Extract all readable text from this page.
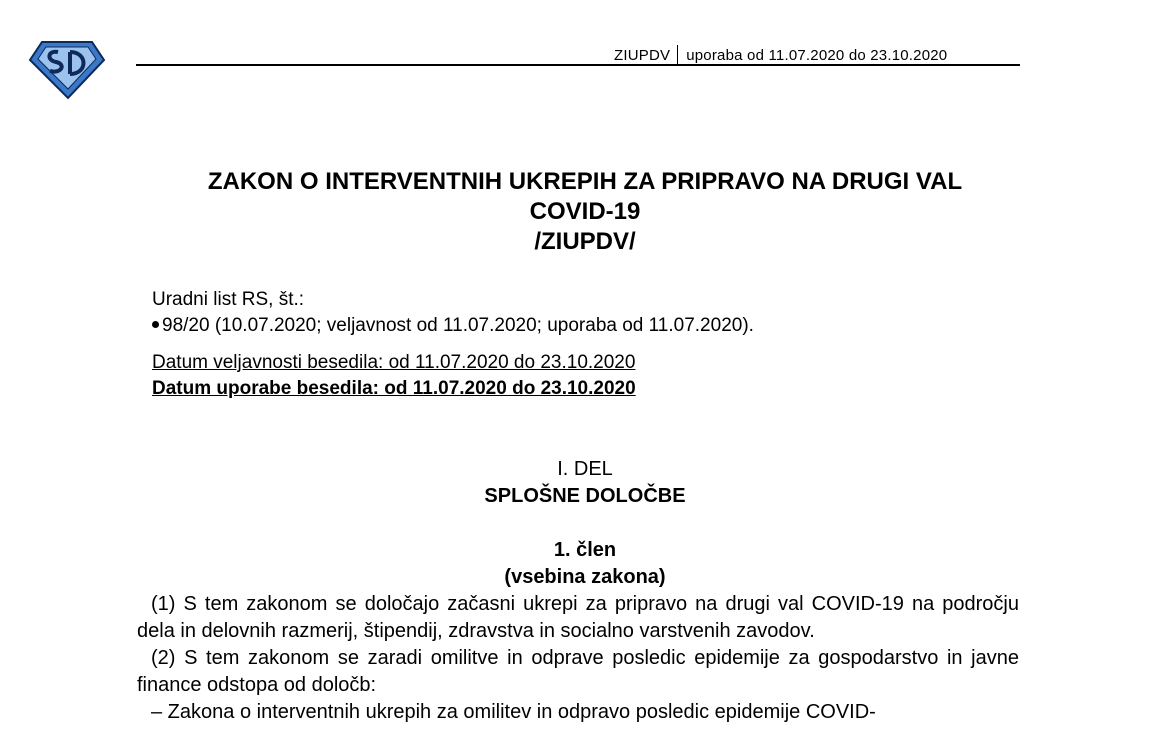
ZIUPDV uporaba od 11.07.2020 do 23.10.2020
ZAKON O INTERVENTNIH UKREPIH ZA PRIPRAVO NA DRUGI VAL
COVID-19
/ZIUPDV/
Uradni list RS, št.:
98/20 (10.07.2020; veljavnost od 11.07.2020; uporaba od 11.07.2020).
Datum veljavnosti besedila: od 11.07.2020 do 23.10.2020
Datum uporabe besedila: od 11.07.2020 do 23.10.2020
I. DEL
SPLOŠNE DOLOČBE
1. člen
(vsebina zakona)

(1) S tem zakonom se določajo začasni ukrepi za pripravo na drugi val COVID-19 na področju dela in delovnih razmerij, štipendij, zdravstva in socialno varstvenih zavodov.

(2) S tem zakonom se zaradi omilitve in odprave posledic epidemije za gospodarstvo in javne finance odstopa od določb:

– Zakona o interventnih ukrepih za omilitev in odpravo posledic epidemije COVID-
